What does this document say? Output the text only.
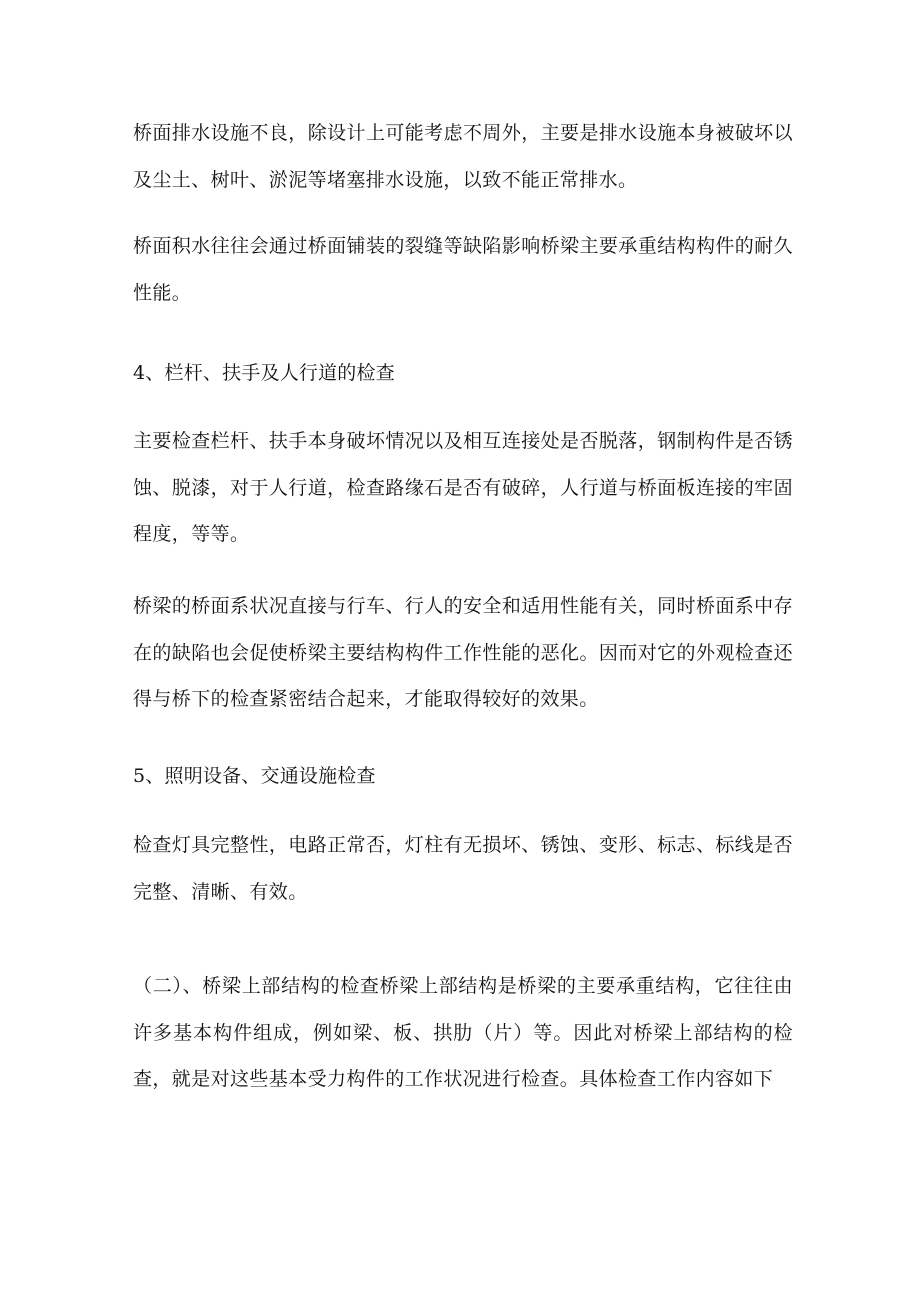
桥面排水设施不良，除设计上可能考虑不周外，主要是排水设施本身被破坏以及尘土、树叶、淤泥等堵塞排水设施，以致不能正常排水。

桥面积水往往会通过桥面铺装的裂缝等缺陷影响桥梁主要承重结构构件的耐久性能。

4、栏杆、扶手及人行道的检查

主要检查栏杆、扶手本身破坏情况以及相互连接处是否脱落，钢制构件是否锈蚀、脱漆，对于人行道，检查路缘石是否有破碎，人行道与桥面板连接的牢固程度，等等。

桥梁的桥面系状况直接与行车、行人的安全和适用性能有关，同时桥面系中存在的缺陷也会促使桥梁主要结构构件工作性能的恶化。因而对它的外观检查还得与桥下的检查紧密结合起来，才能取得较好的效果。

5、照明设备、交通设施检查

检查灯具完整性，电路正常否，灯柱有无损坏、锈蚀、变形、标志、标线是否完整、清晰、有效。

（二）、桥梁上部结构的检查桥梁上部结构是桥梁的主要承重结构，它往往由许多基本构件组成，例如梁、板、拱肋（片）等。因此对桥梁上部结构的检查，就是对这些基本受力构件的工作状况进行检查。具体检查工作内容如下
